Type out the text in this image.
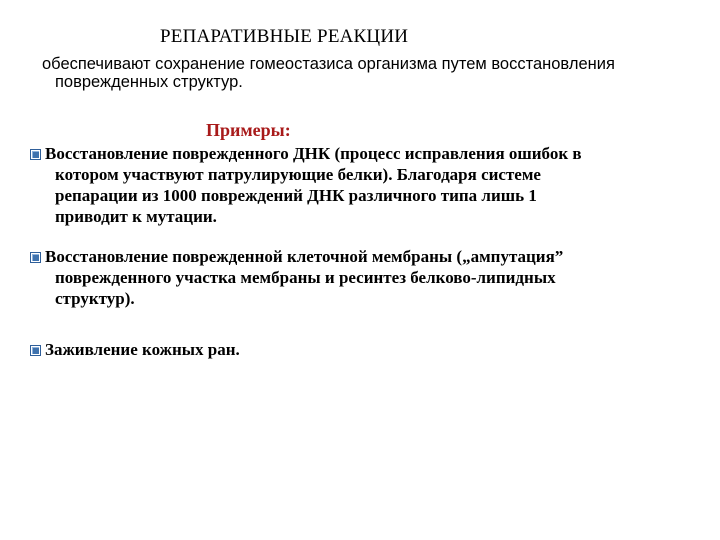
РЕПАРАТИВНЫЕ РЕАКЦИИ
обеспечивают сохранение гомеостазиса организма путем восстановления
поврежденных структур.
Примеры:
Восстановление поврежденного ДНК (процесс исправления ошибок в
котором участвуют патрулирующие белки). Благодаря системе
репарации из 1000 повреждений ДНК различного типа лишь 1
приводит к мутации.
Восстановление поврежденной клеточной мембраны („ампутация”
поврежденного участка мембраны и ресинтез белково-липидных
структур).
Заживление кожных ран.
